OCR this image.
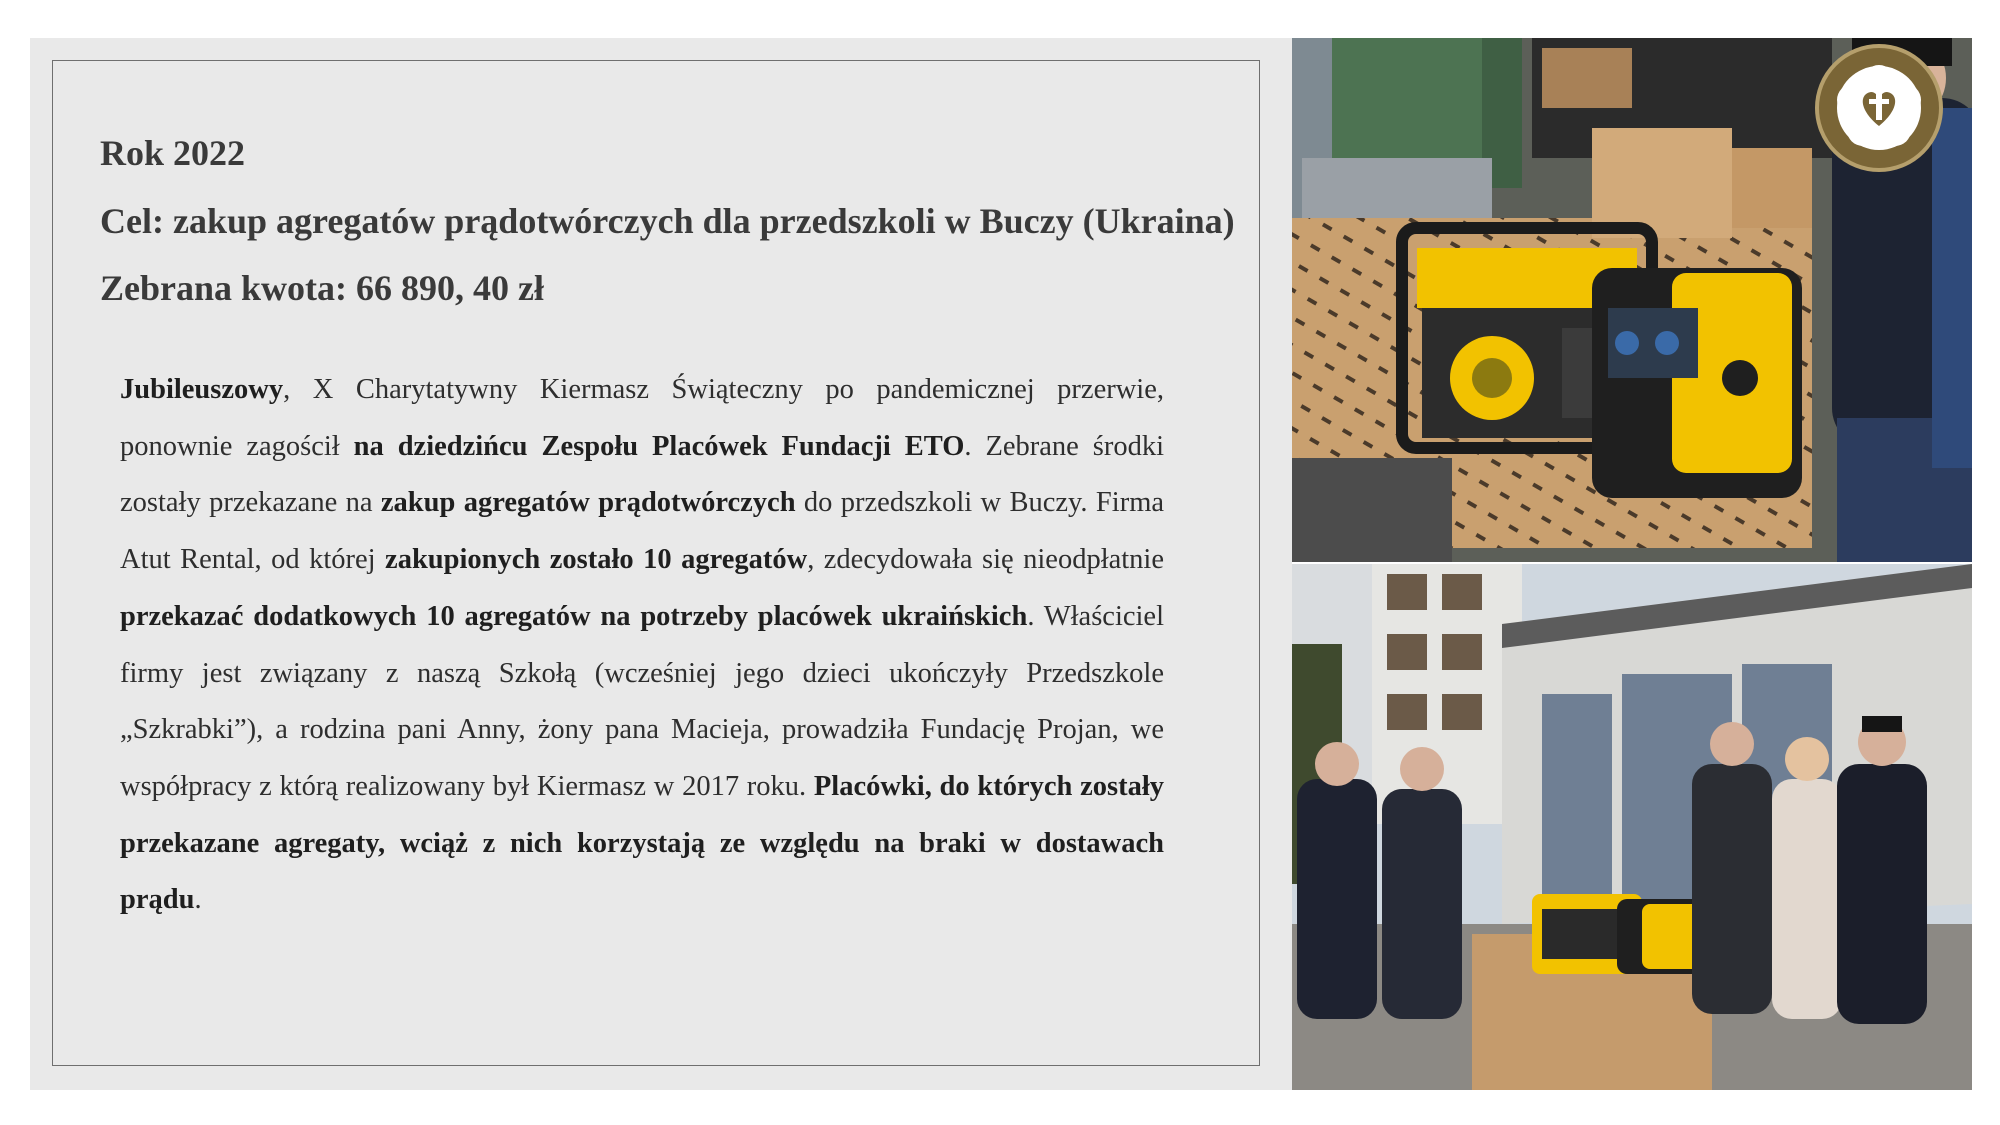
Rok 2022
Cel: zakup agregatów prądotwórczych dla przedszkoli w Buczy (Ukraina)
Zebrana kwota: 66 890, 40 zł

Jubileuszowy, X Charytatywny Kiermasz Świąteczny po pandemicznej przerwie, ponownie zagościł na dziedzińcu Zespołu Placówek Fundacji ETO. Zebrane środki zostały przekazane na zakup agregatów prądotwórczych do przedszkoli w Buczy. Firma Atut Rental, od której zakupionych zostało 10 agregatów, zdecydowała się nieodpłatnie przekazać dodatkowych 10 agregatów na potrzeby placówek ukraińskich. Właściciel firmy jest związany z naszą Szkołą (wcześniej jego dzieci ukończyły Przedszkole „Szkrabki”), a rodzina pani Anny, żony pana Macieja, prowadziła Fundację Projan, we współpracy z którą realizowany był Kiermasz w 2017 roku. Placówki, do których zostały przekazane agregaty, wciąż z nich korzystają ze względu na braki w dostawach prądu.
